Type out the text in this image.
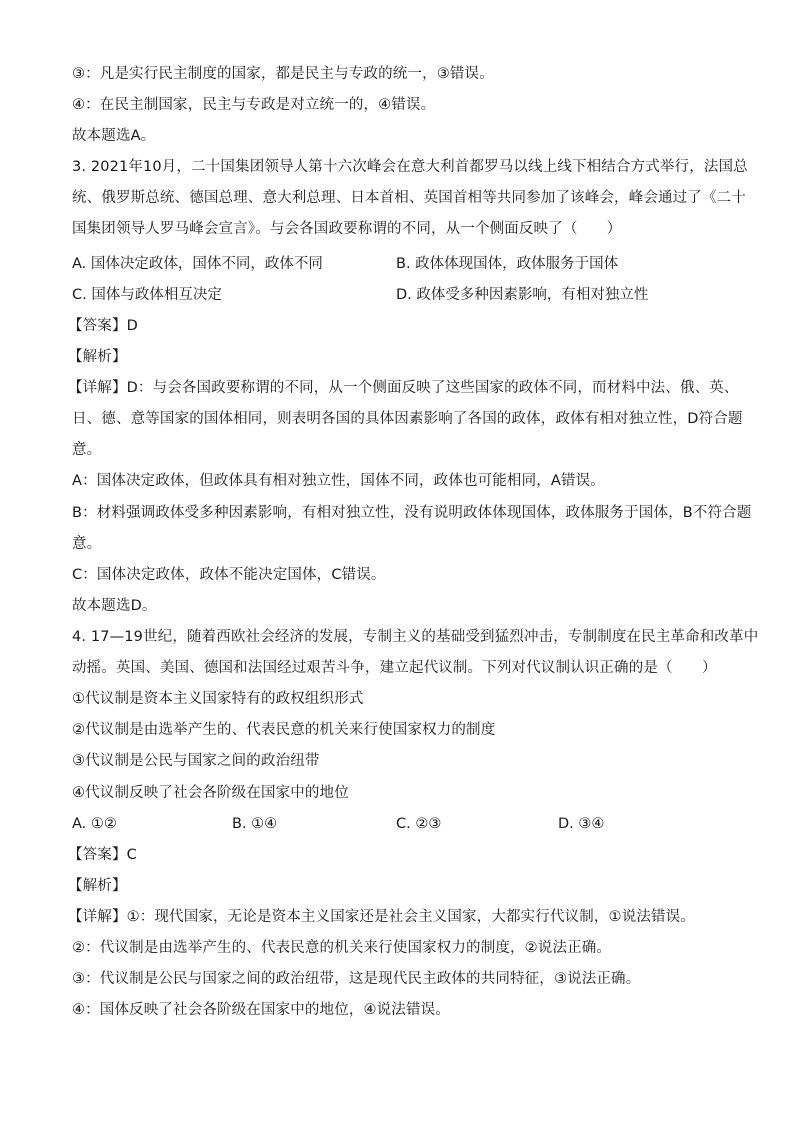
③：凡是实行民主制度的国家，都是民主与专政的统一，③错误。
④：在民主制国家，民主与专政是对立统一的，④错误。
故本题选A。
3. 2021年10月，二十国集团领导人第十六次峰会在意大利首都罗马以线上线下相结合方式举行，法国总
统、俄罗斯总统、德国总理、意大利总理、日本首相、英国首相等共同参加了该峰会，峰会通过了《二十
国集团领导人罗马峰会宣言》。与会各国政要称谓的不同，从一个侧面反映了（　　）
A. 国体决定政体，国体不同，政体不同	B. 政体体现国体，政体服务于国体
C. 国体与政体相互决定	D. 政体受多种因素影响，有相对独立性
【答案】D
【解析】
【详解】D：与会各国政要称谓的不同，从一个侧面反映了这些国家的政体不同，而材料中法、俄、英、
日、德、意等国家的国体相同，则表明各国的具体因素影响了各国的政体，政体有相对独立性，D符合题
意。
A：国体决定政体，但政体具有相对独立性，国体不同，政体也可能相同，A错误。
B：材料强调政体受多种因素影响，有相对独立性，没有说明政体体现国体，政体服务于国体，B不符合题
意。
C：国体决定政体，政体不能决定国体，C错误。
故本题选D。
4. 17—19世纪，随着西欧社会经济的发展，专制主义的基础受到猛烈冲击，专制制度在民主革命和改革中
动摇。英国、美国、德国和法国经过艰苦斗争，建立起代议制。下列对代议制认识正确的是（　　）
①代议制是资本主义国家特有的政权组织形式
②代议制是由选举产生的、代表民意的机关来行使国家权力的制度
③代议制是公民与国家之间的政治纽带
④代议制反映了社会各阶级在国家中的地位
A. ①②	B. ①④	C. ②③	D. ③④
【答案】C
【解析】
【详解】①：现代国家，无论是资本主义国家还是社会主义国家，大都实行代议制，①说法错误。
②：代议制是由选举产生的、代表民意的机关来行使国家权力的制度，②说法正确。
③：代议制是公民与国家之间的政治纽带，这是现代民主政体的共同特征，③说法正确。
④：国体反映了社会各阶级在国家中的地位，④说法错误。
